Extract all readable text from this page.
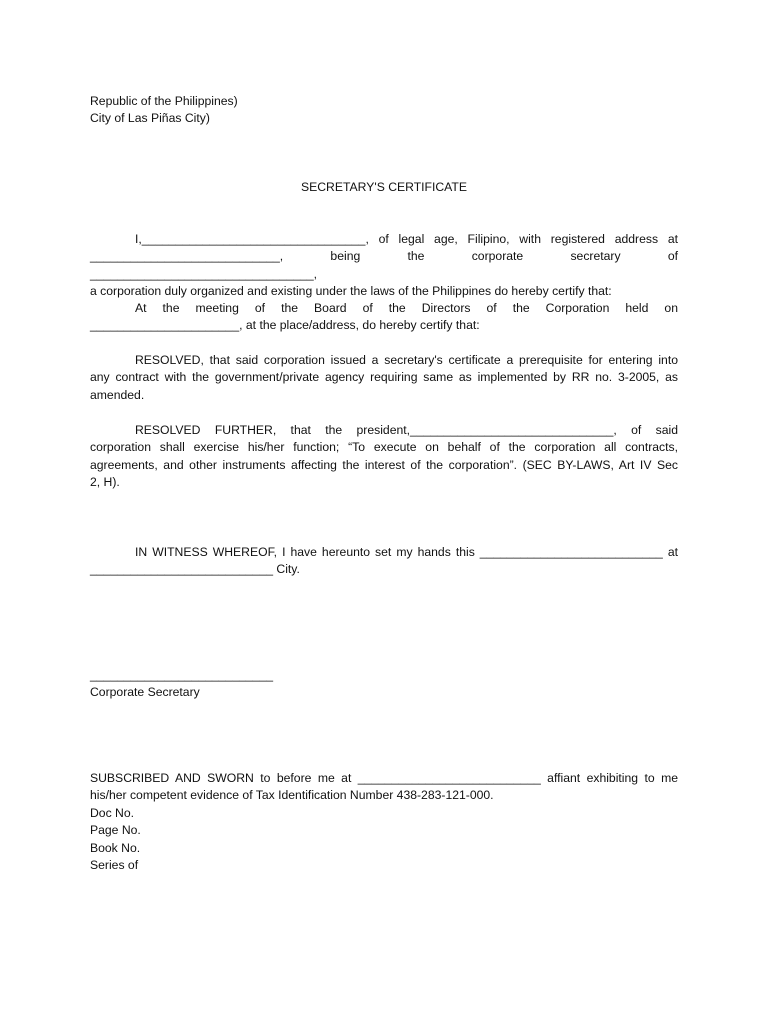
Republic of the Philippines)
City of Las Piñas City)
SECRETARY'S CERTIFICATE
I,_________________________________, of legal age, Filipino, with registered address at
____________________________, being the corporate secretary of _________________________________,
a corporation duly organized and existing under the laws of the Philippines do hereby certify that:
At the meeting of the Board of the Directors of the Corporation held on
______________________, at the place/address, do hereby certify that:
RESOLVED, that said corporation issued a secretary's certificate a prerequisite for entering into
any contract with the government/private agency requiring same as implemented by RR no. 3-2005, as
amended.
RESOLVED FURTHER, that the president,______________________________, of said
corporation shall exercise his/her function; “To execute on behalf of the corporation all contracts,
agreements, and other instruments affecting the interest of the corporation”. (SEC BY-LAWS, Art IV Sec
2, H).
IN WITNESS WHEREOF, I have hereunto set my hands this ___________________________ at
___________________________ City.
___________________________
Corporate Secretary
SUBSCRIBED AND SWORN to before me at ___________________________ affiant exhibiting to me
his/her competent evidence of Tax Identification Number 438-283-121-000.
Doc No.
Page No.
Book No.
Series of
